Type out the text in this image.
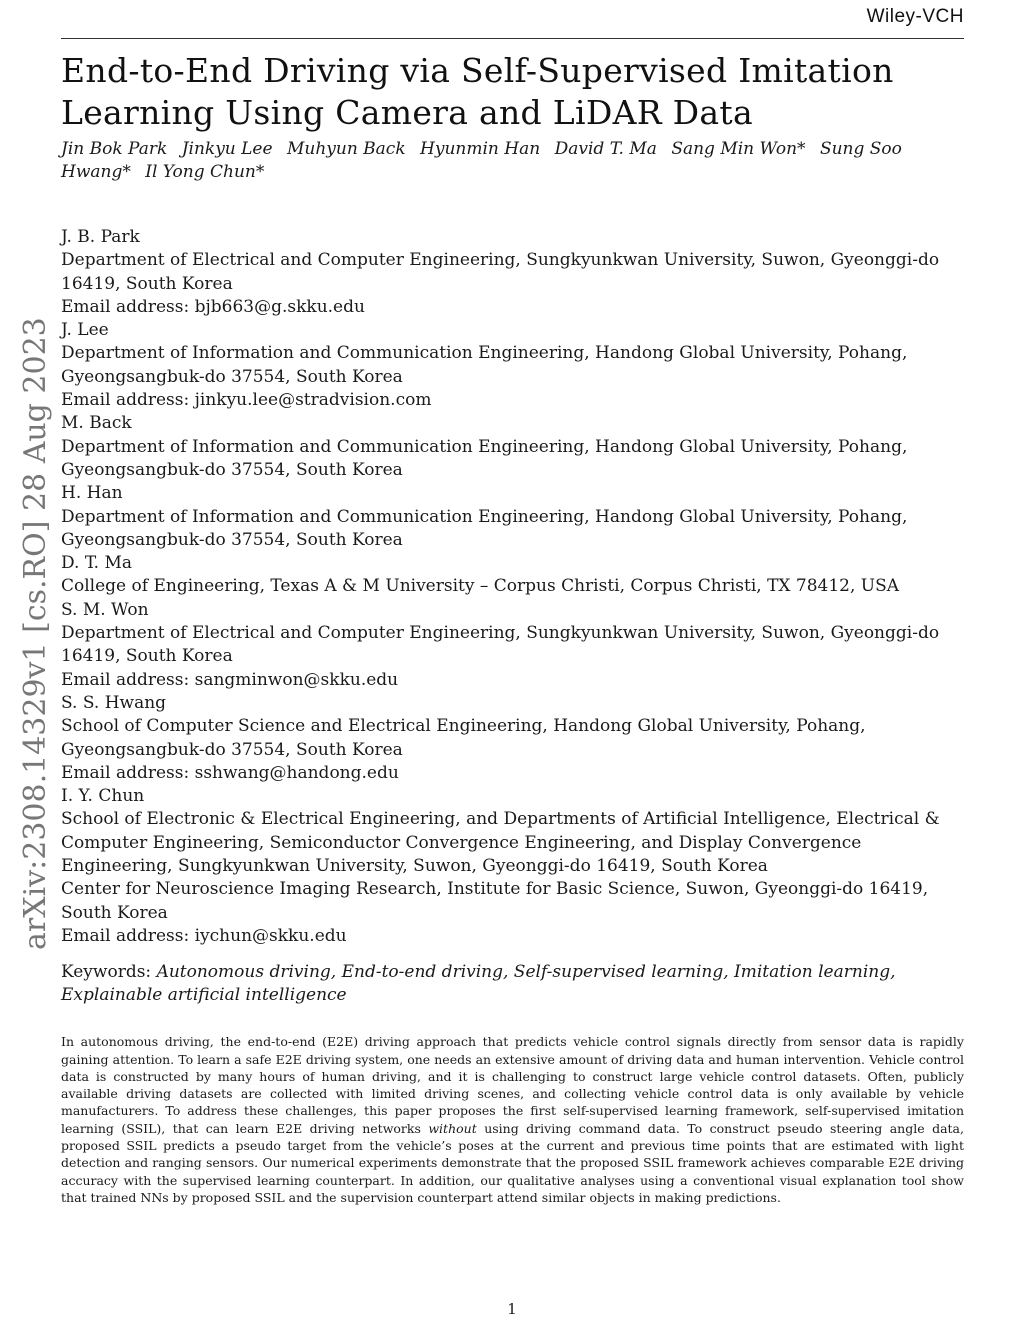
Wiley-VCH
arXiv:2308.14329v1 [cs.RO] 28 Aug 2023
End-to-End Driving via Self-Supervised Imitation Learning Using Camera and LiDAR Data
Jin Bok Park Jinkyu Lee Muhyun Back Hyunmin Han David T. Ma Sang Min Won* Sung Soo Hwang* Il Yong Chun*
J. B. Park
Department of Electrical and Computer Engineering, Sungkyunkwan University, Suwon, Gyeonggi-do 16419, South Korea
Email address: bjb663@g.skku.edu
J. Lee
Department of Information and Communication Engineering, Handong Global University, Pohang, Gyeongsangbuk-do 37554, South Korea
Email address: jinkyu.lee@stradvision.com
M. Back
Department of Information and Communication Engineering, Handong Global University, Pohang, Gyeongsangbuk-do 37554, South Korea
H. Han
Department of Information and Communication Engineering, Handong Global University, Pohang, Gyeongsangbuk-do 37554, South Korea
D. T. Ma
College of Engineering, Texas A & M University – Corpus Christi, Corpus Christi, TX 78412, USA
S. M. Won
Department of Electrical and Computer Engineering, Sungkyunkwan University, Suwon, Gyeonggi-do 16419, South Korea
Email address: sangminwon@skku.edu
S. S. Hwang
School of Computer Science and Electrical Engineering, Handong Global University, Pohang, Gyeongsangbuk-do 37554, South Korea
Email address: sshwang@handong.edu
I. Y. Chun
School of Electronic & Electrical Engineering, and Departments of Artificial Intelligence, Electrical & Computer Engineering, Semiconductor Convergence Engineering, and Display Convergence Engineering, Sungkyunkwan University, Suwon, Gyeonggi-do 16419, South Korea
Center for Neuroscience Imaging Research, Institute for Basic Science, Suwon, Gyeonggi-do 16419, South Korea
Email address: iychun@skku.edu
Keywords: Autonomous driving, End-to-end driving, Self-supervised learning, Imitation learning, Explainable artificial intelligence
In autonomous driving, the end-to-end (E2E) driving approach that predicts vehicle control signals directly from sensor data is rapidly gaining attention. To learn a safe E2E driving system, one needs an extensive amount of driving data and human intervention. Vehicle control data is constructed by many hours of human driving, and it is challenging to construct large vehicle control datasets. Often, publicly available driving datasets are collected with limited driving scenes, and collecting vehicle control data is only available by vehicle manufacturers. To address these challenges, this paper proposes the first self-supervised learning framework, self-supervised imitation learning (SSIL), that can learn E2E driving networks without using driving command data. To construct pseudo steering angle data, proposed SSIL predicts a pseudo target from the vehicle’s poses at the current and previous time points that are estimated with light detection and ranging sensors. Our numerical experiments demonstrate that the proposed SSIL framework achieves comparable E2E driving accuracy with the supervised learning counterpart. In addition, our qualitative analyses using a conventional visual explanation tool show that trained NNs by proposed SSIL and the supervision counterpart attend similar objects in making predictions.
1
